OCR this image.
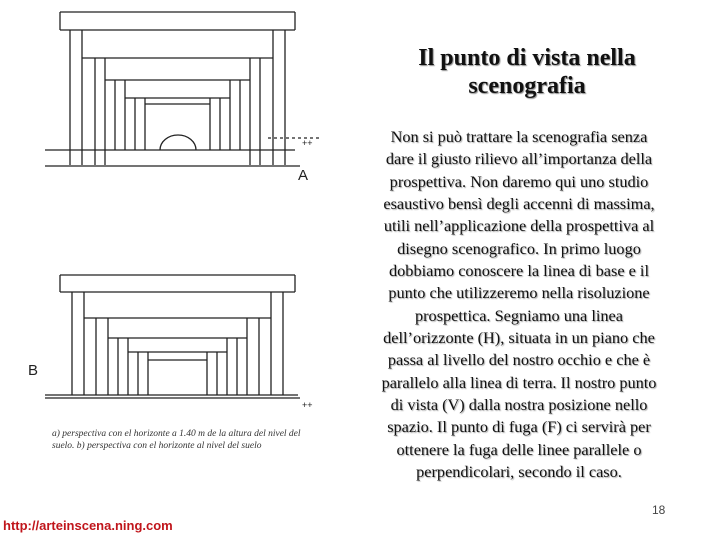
A
++
B
++
a) perspectiva con el horizonte a 1.40 m de la altura del nivel del
suelo. b) perspectiva con el horizonte al nivel del suelo
Il punto di vista nella
scenografia
Non si può trattare la scenografia senza
dare il giusto rilievo all’importanza della
prospettiva. Non daremo qui uno studio
esaustivo bensì degli accenni di massima,
utili nell’applicazione della prospettiva al
disegno scenografico. In primo luogo
dobbiamo conoscere la linea di base e il
punto che utilizzeremo nella risoluzione
prospettica. Segniamo una linea
dell’orizzonte (H), situata in un piano che
passa al livello del nostro occhio e che è
parallelo alla linea di terra. Il nostro punto
di vista (V) dalla nostra posizione nello
spazio. Il punto di fuga (F) ci servirà per
ottenere la fuga delle linee parallele o
perpendicolari, secondo il caso.
18
http://arteinscena.ning.com
